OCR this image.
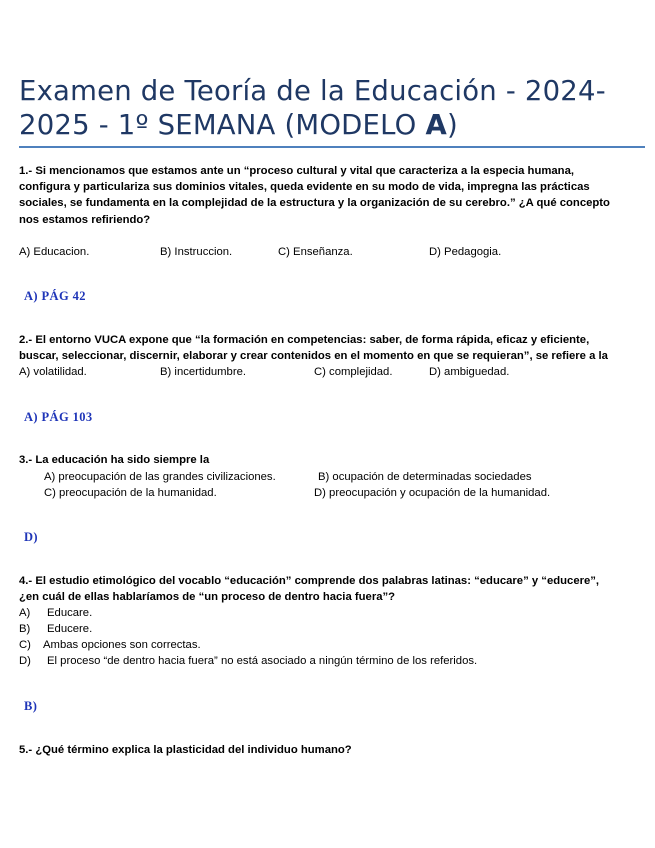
Examen de Teoría de la Educación - 2024-
2025 - 1º SEMANA (MODELO A)
1.- Si mencionamos que estamos ante un “proceso cultural y vital que caracteriza a la especia humana,
configura y particulariza sus dominios vitales, queda evidente en su modo de vida, impregna las prácticas
sociales, se fundamenta en la complejidad de la estructura y la organización de su cerebro.” ¿A qué concepto
nos estamos refiriendo?
A) Educacion.	B) Instruccion.	C) Enseñanza.	D) Pedagogia.
A) PÁG 42
2.- El entorno VUCA expone que “la formación en competencias: saber, de forma rápida, eficaz y eficiente,
buscar, seleccionar, discernir, elaborar y crear contenidos en el momento en que se requieran”, se refiere a la
A) volatilidad.	B) incertidumbre.	C) complejidad.	D) ambiguedad.
A) PÁG 103
3.- La educación ha sido siempre la
A) preocupación de las grandes civilizaciones.	B) ocupación de determinadas sociedades
C) preocupación de la humanidad.	D) preocupación y ocupación de la humanidad.
D)
4.- El estudio etimológico del vocablo “educación” comprende dos palabras latinas: “educare” y “educere”,
¿en cuál de ellas hablaríamos de “un proceso de dentro hacia fuera”?
A) Educare.
B) Educere.
C) Ambas opciones son correctas.
D) El proceso “de dentro hacia fuera” no está asociado a ningún término de los referidos.
B)
5.- ¿Qué término explica la plasticidad del individuo humano?
